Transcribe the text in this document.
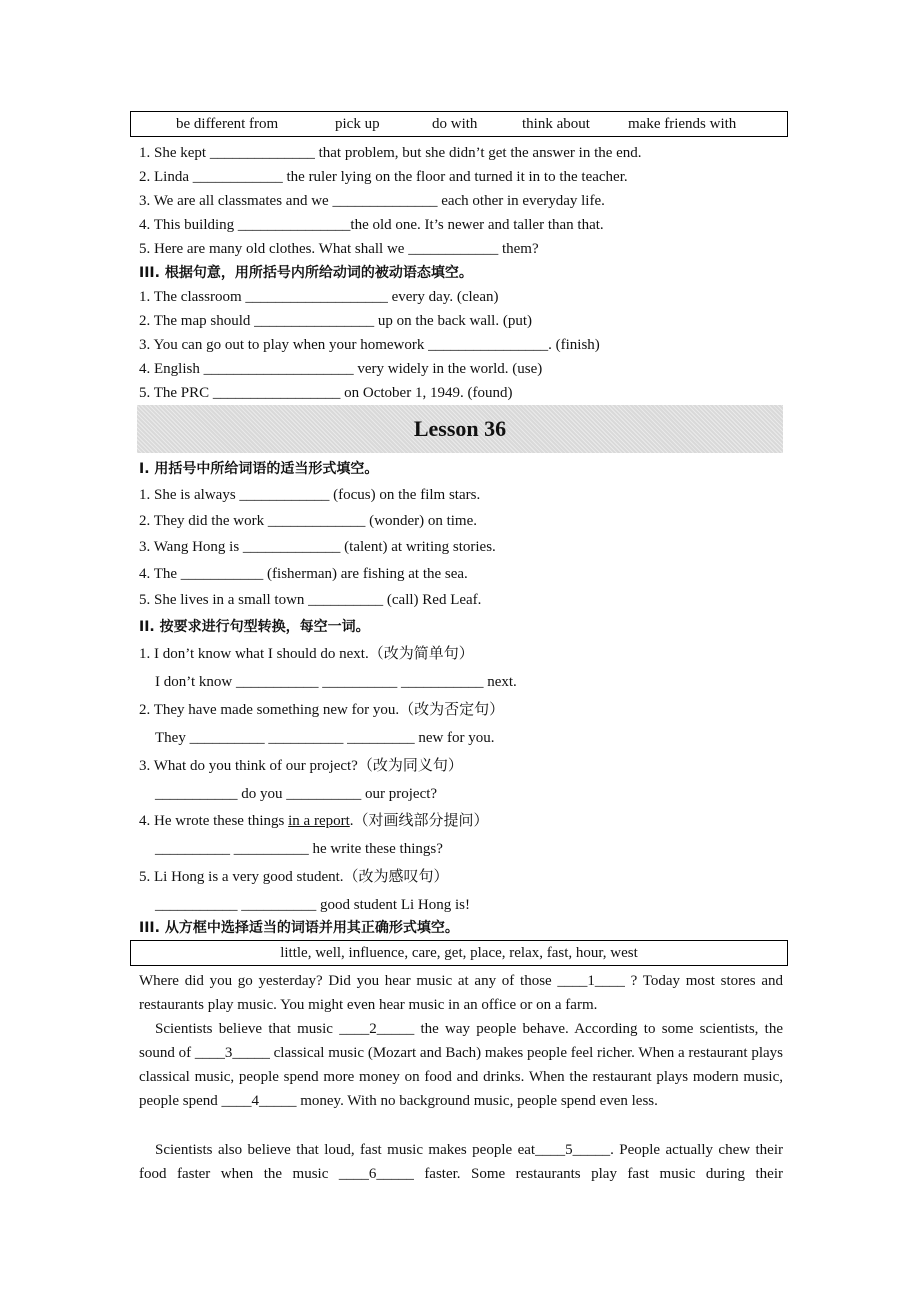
be different from	pick up	do with	think about	make friends with
1. She kept ______________ that problem, but she didn’t get the answer in the end.
2. Linda ____________ the ruler lying on the floor and turned it in to the teacher.
3. We are all classmates and we ______________ each other in everyday life.
4. This building _______________the old one. It’s newer and taller than that.
5. Here are many old clothes. What shall we ____________ them?
III. 根据句意，用所括号内所给动词的被动语态填空。
1. The classroom ___________________ every day. (clean)
2. The map should ________________ up on the back wall. (put)
3. You can go out to play when your homework ________________. (finish)
4. English ____________________ very widely in the world. (use)
5. The PRC _________________ on October 1, 1949. (found)
Lesson 36
I. 用括号中所给词语的适当形式填空。
1. She is always ____________ (focus) on the film stars.
2. They did the work _____________ (wonder) on time.
3. Wang Hong is _____________ (talent) at writing stories.
4. The ___________ (fisherman) are fishing at the sea.
5. She lives in a small town __________ (call) Red Leaf.
II. 按要求进行句型转换，每空一词。
1. I don’t know what I should do next.（改为简单句）
I don’t know ___________ __________ ___________ next.
2. They have made something new for you.（改为否定句）
They __________ __________ _________ new for you.
3. What do you think of our project?（改为同义句）
___________ do you __________ our project?
4. He wrote these things in a report.（对画线部分提问）
__________ __________ he write these things?
5. Li Hong is a very good student.（改为感叹句）
___________ __________ good student Li Hong is!
III. 从方框中选择适当的词语并用其正确形式填空。
little, well, influence, care, get, place, relax, fast, hour, west
Where did you go yesterday? Did you hear music at any of those ____1____ ? Today most stores and restaurants play music. You might even hear music in an office or on a farm.
Scientists believe that music ____2_____ the way people behave. According to some scientists, the sound of ____3_____ classical music (Mozart and Bach) makes people feel richer. When a restaurant plays classical music, people spend more money on food and drinks. When the restaurant plays modern music, people spend ____4_____ money. With no background music, people spend even less.
Scientists also believe that loud, fast music makes people eat____5_____. People actually chew their food faster when the music ____6_____ faster. Some restaurants play fast music during their
